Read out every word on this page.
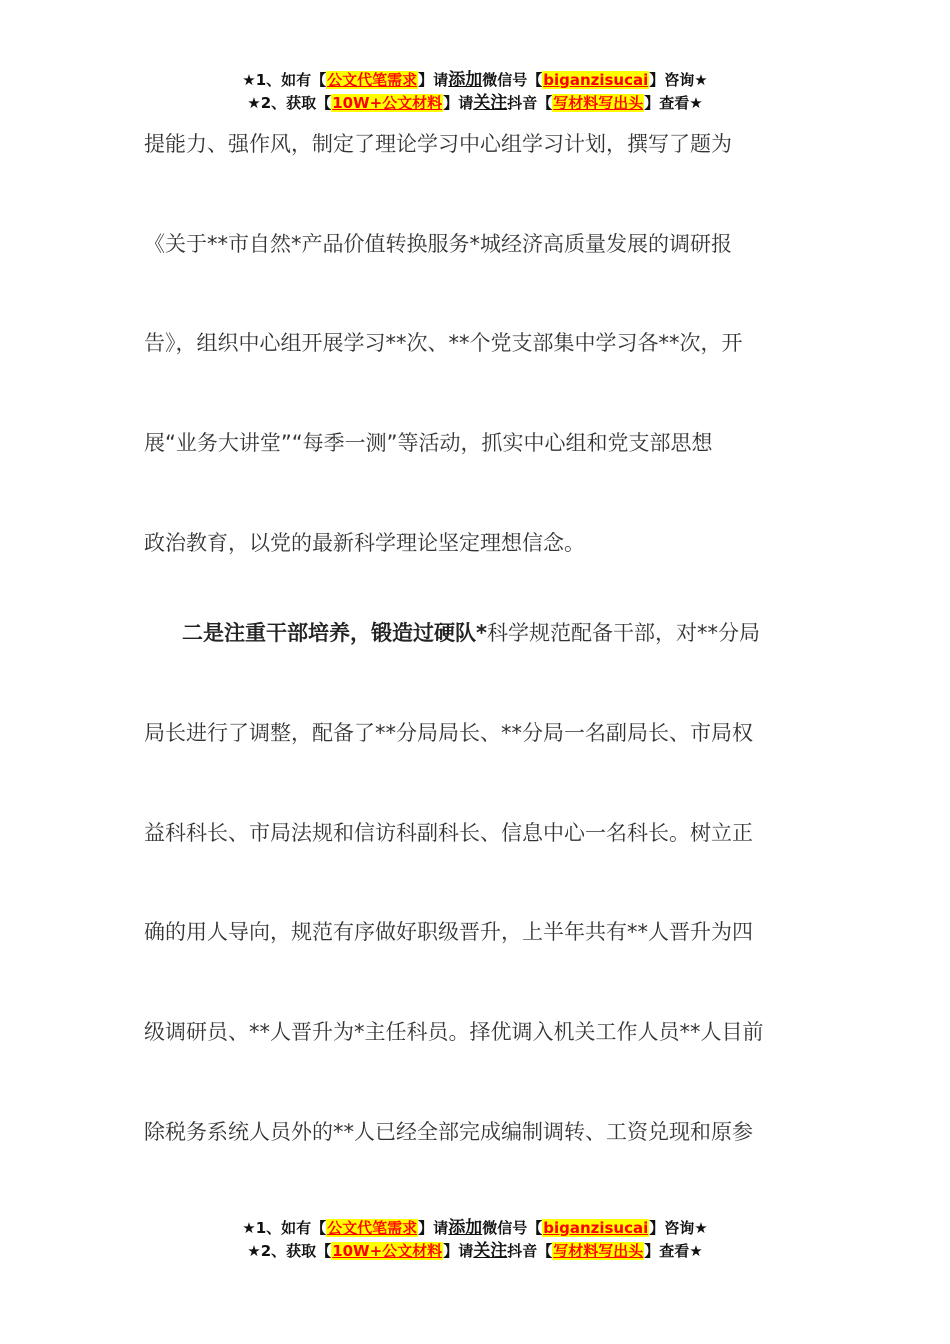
★1、如有【公文代笔需求】请添加微信号【biganzisucai】咨询★
★2、获取【10W+公文材料】请关注抖音【写材料写出头】查看★
提能力、强作风，制定了理论学习中心组学习计划，撰写了题为
《关于**市自然*产品价值转换服务*城经济高质量发展的调研报
告》，组织中心组开展学习**次、**个党支部集中学习各**次，开
展“业务大讲堂”“每季一测”等活动，抓实中心组和党支部思想
政治教育，以党的最新科学理论坚定理想信念。
二是注重干部培养，锻造过硬队*科学规范配备干部，对**分局
局长进行了调整，配备了**分局局长、**分局一名副局长、市局权
益科科长、市局法规和信访科副科长、信息中心一名科长。树立正
确的用人导向，规范有序做好职级晋升，上半年共有**人晋升为四
级调研员、**人晋升为*主任科员。择优调入机关工作人员**人目前
除税务系统人员外的**人已经全部完成编制调转、工资兑现和原参
★1、如有【公文代笔需求】请添加微信号【biganzisucai】咨询★
★2、获取【10W+公文材料】请关注抖音【写材料写出头】查看★
